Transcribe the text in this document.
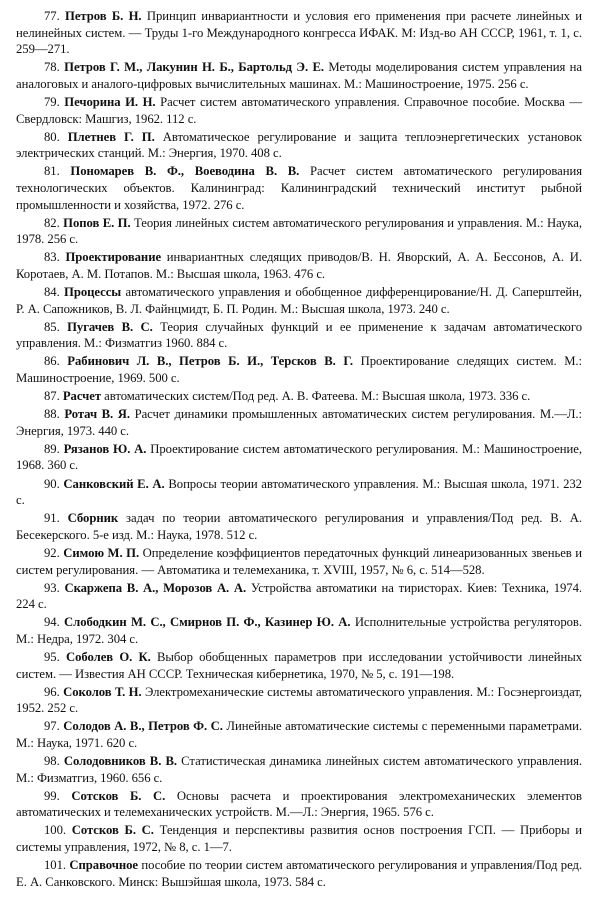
77. Петров Б. Н. Принцип инвариантности и условия его применения при расчете линейных и нелинейных систем. — Труды 1-го Международного конгресса ИФАК. М: Изд-во АН СССР, 1961, т. 1, с. 259—271.

78. Петров Г. М., Лакунин Н. Б., Бартольд Э. Е. Методы моделирования систем управления на аналоговых и аналого-цифровых вычислительных машинах. М.: Машиностроение, 1975. 256 с.

79. Печорина И. Н. Расчет систем автоматического управления. Справочное пособие. Москва — Свердловск: Машгиз, 1962. 112 с.

80. Плетнев Г. П. Автоматическое регулирование и защита теплоэнергетических установок электрических станций. М.: Энергия, 1970. 408 с.

81. Пономарев В. Ф., Воеводина В. В. Расчет систем автоматического регулирования технологических объектов. Калининград: Калининградский технический институт рыбной промышленности и хозяйства, 1972. 276 с.

82. Попов Е. П. Теория линейных систем автоматического регулирования и управления. М.: Наука, 1978. 256 с.

83. Проектирование инвариантных следящих приводов/В. Н. Яворский, А. А. Бессонов, А. И. Коротаев, А. М. Потапов. М.: Высшая школа, 1963. 476 с.

84. Процессы автоматического управления и обобщенное дифференцирование/Н. Д. Саперштейн, Р. А. Сапожников, В. Л. Файнцмидт, Б. П. Родин. М.: Высшая школа, 1973. 240 с.

85. Пугачев В. С. Теория случайных функций и ее применение к задачам автоматического управления. М.: Физматгиз 1960. 884 с.

86. Рабинович Л. В., Петров Б. И., Терсков В. Г. Проектирование следящих систем. М.: Машиностроение, 1969. 500 с.

87. Расчет автоматических систем/Под ред. А. В. Фатеева. М.: Высшая школа, 1973. 336 с.

88. Ротач В. Я. Расчет динамики промышленных автоматических систем регулирования. М.—Л.: Энергия, 1973. 440 с.

89. Рязанов Ю. А. Проектирование систем автоматического регулирования. М.: Машиностроение, 1968. 360 с.

90. Санковский Е. А. Вопросы теории автоматического управления. М.: Высшая школа, 1971. 232 с.

91. Сборник задач по теории автоматического регулирования и управления/Под ред. В. А. Бесекерского. 5-е изд. М.: Наука, 1978. 512 с.

92. Симою М. П. Определение коэффициентов передаточных функций линеаризованных звеньев и систем регулирования. — Автоматика и телемеханика, т. XVIII, 1957, № 6, с. 514—528.

93. Скаржепа В. А., Морозов А. А. Устройства автоматики на тиристорах. Киев: Техника, 1974. 224 с.

94. Слободкин М. С., Смирнов П. Ф., Казинер Ю. А. Исполнительные устройства регуляторов. М.: Недра, 1972. 304 с.

95. Соболев О. К. Выбор обобщенных параметров при исследовании устойчивости линейных систем. — Известия АН СССР. Техническая кибернетика, 1970, № 5, с. 191—198.

96. Соколов Т. Н. Электромеханические системы автоматического управления. М.: Госэнергоиздат, 1952. 252 с.

97. Солодов А. В., Петров Ф. С. Линейные автоматические системы с переменными параметрами. М.: Наука, 1971. 620 с.

98. Солодовников В. В. Статистическая динамика линейных систем автоматического управления. М.: Физматгиз, 1960. 656 с.

99. Сотсков Б. С. Основы расчета и проектирования электромеханических элементов автоматических и телемеханических устройств. М.—Л.: Энергия, 1965. 576 с.

100. Сотсков Б. С. Тенденция и перспективы развития основ построения ГСП. — Приборы и системы управления, 1972, № 8, с. 1—7.

101. Справочное пособие по теории систем автоматического регулирования и управления/Под ред. Е. А. Санковского. Минск: Вышэйшая школа, 1973. 584 с.
